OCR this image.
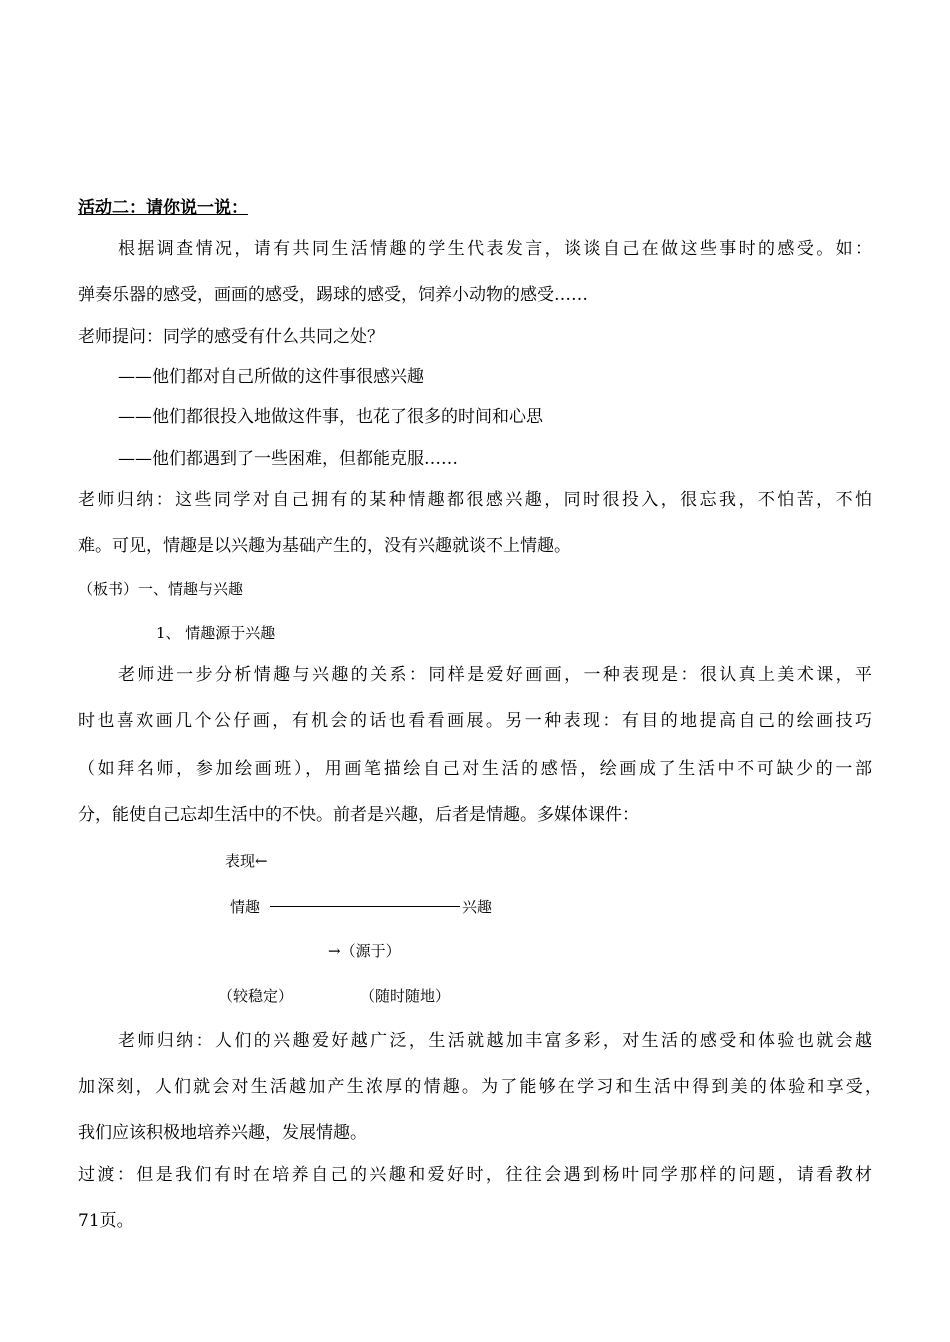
活动二：请你说一说：
根据调查情况，请有共同生活情趣的学生代表发言，谈谈自己在做这些事时的感受。如：
弹奏乐器的感受，画画的感受，踢球的感受，饲养小动物的感受……
老师提问：同学的感受有什么共同之处？
——他们都对自己所做的这件事很感兴趣
——他们都很投入地做这件事，也花了很多的时间和心思
——他们都遇到了一些困难，但都能克服……
老师归纳：这些同学对自己拥有的某种情趣都很感兴趣，同时很投入，很忘我，不怕苦，不怕
难。可见，情趣是以兴趣为基础产生的，没有兴趣就谈不上情趣。
（板书）一、情趣与兴趣
1、 情趣源于兴趣
老师进一步分析情趣与兴趣的关系：同样是爱好画画，一种表现是：很认真上美术课，平
时也喜欢画几个公仔画，有机会的话也看看画展。另一种表现：有目的地提高自己的绘画技巧
（如拜名师，参加绘画班），用画笔描绘自己对生活的感悟，绘画成了生活中不可缺少的一部
分，能使自己忘却生活中的不快。前者是兴趣，后者是情趣。多媒体课件：
表现←
情趣	兴趣
→（源于）
（较稳定）	（随时随地）
老师归纳：人们的兴趣爱好越广泛，生活就越加丰富多彩，对生活的感受和体验也就会越
加深刻，人们就会对生活越加产生浓厚的情趣。为了能够在学习和生活中得到美的体验和享受，
我们应该积极地培养兴趣，发展情趣。
过渡：但是我们有时在培养自己的兴趣和爱好时，往往会遇到杨叶同学那样的问题，请看教材
71页。
